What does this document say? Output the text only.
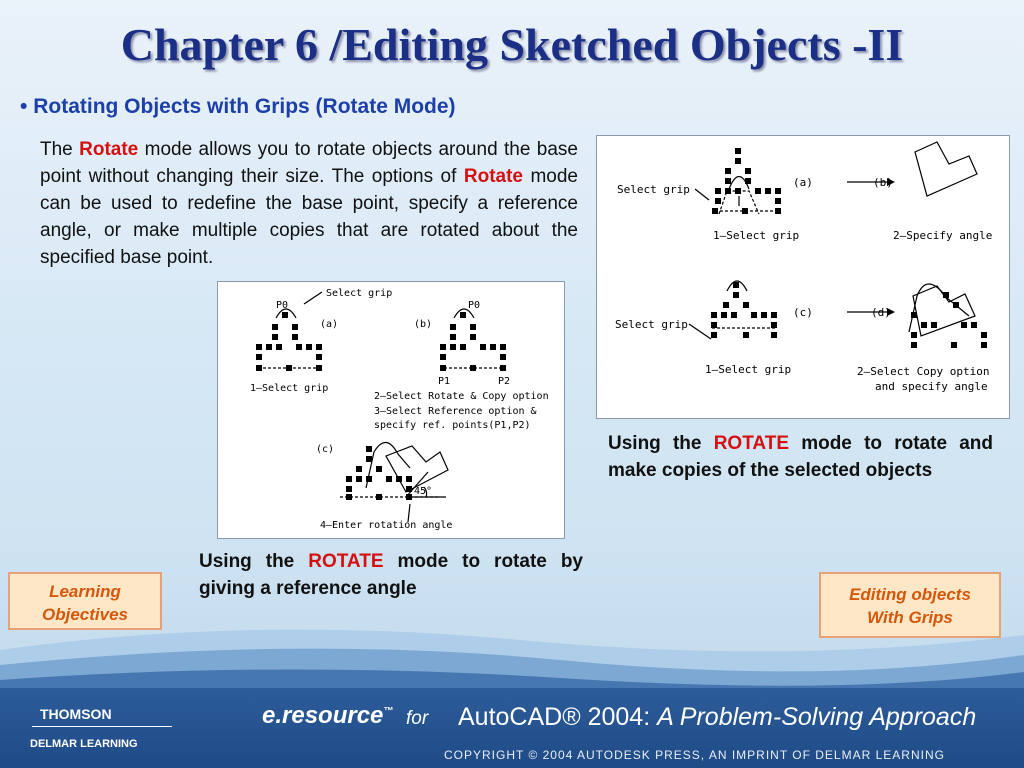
Chapter 6 /Editing Sketched Objects -II
• Rotating Objects with Grips (Rotate Mode)
The Rotate mode allows you to rotate objects around the base point without changing their size. The options of Rotate mode can be used to redefine the base point, specify a reference angle, or make multiple copies that are rotated about the specified base point.
Select grip
(a)	(b)
1—Select grip	2—Specify angle
Select grip
(c)	(d)
1—Select grip	2—Select Copy option
and specify angle
Select grip
P0	P0
(a)	(b)
1—Select grip
P1	P2
2—Select Rotate & Copy option
3—Select Reference option &
specify ref. points(P1,P2)
(c)
45°
4—Enter rotation angle
Using the ROTATE mode to rotate and make copies of the selected objects
Using the ROTATE mode to rotate by giving a reference angle
Learning
Objectives
Editing objects
With Grips
THOMSON
DELMAR LEARNING
e.resource™ for AutoCAD® 2004: A Problem-Solving Approach
COPYRIGHT © 2004 AUTODESK PRESS, AN IMPRINT OF DELMAR LEARNING
